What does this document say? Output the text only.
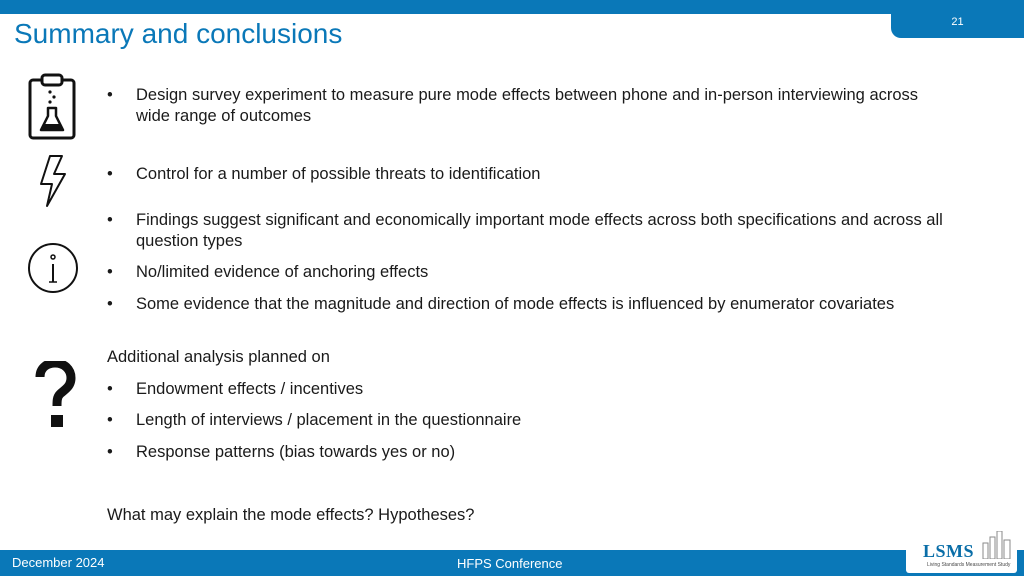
21
Summary and conclusions
• Design survey experiment to measure pure mode effects between phone and in-person interviewing across wide range of outcomes
• Control for a number of possible threats to identification
• Findings suggest significant and economically important mode effects across both specifications and across all question types
• No/limited evidence of anchoring effects
• Some evidence that the magnitude and direction of mode effects is influenced by enumerator covariates
Additional analysis planned on
• Endowment effects / incentives
• Length of interviews / placement in the questionnaire
• Response patterns (bias towards yes or no)
What may explain the mode effects? Hypotheses?
December 2024	HFPS Conference
LSMS
Living Standards Measurement Study
